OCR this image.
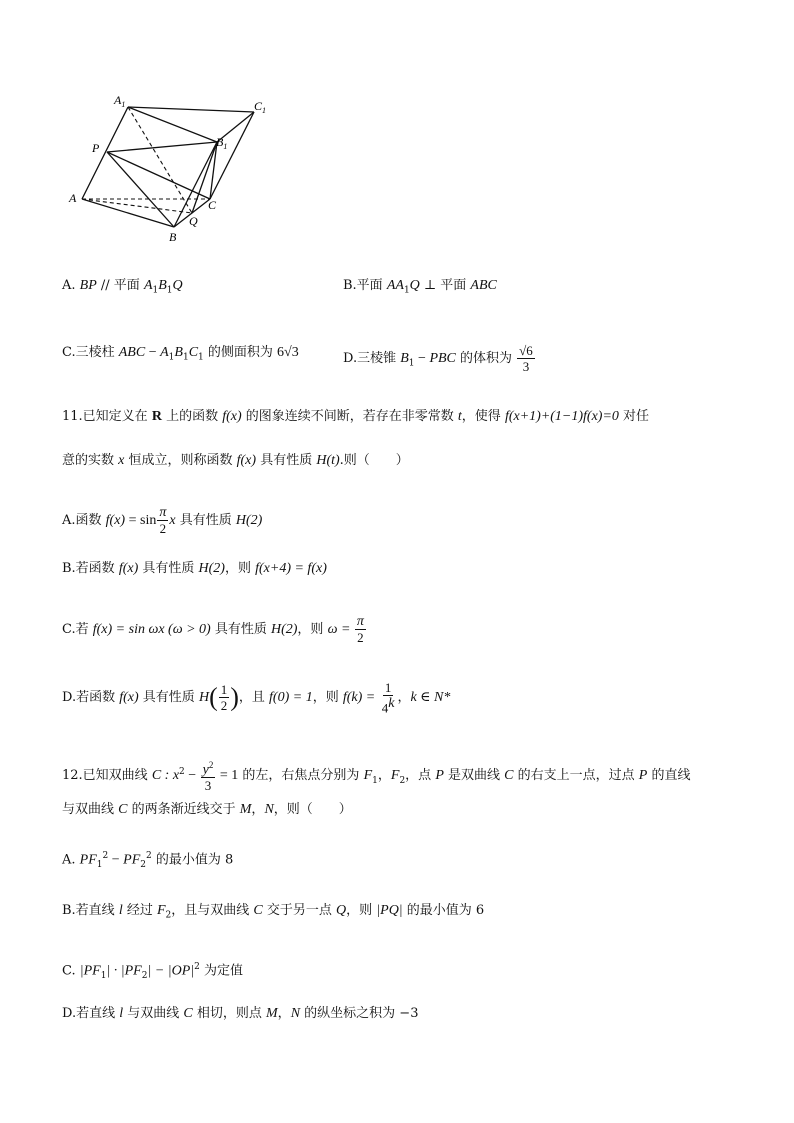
$A_1$	$C_1$
$B_1$
P
A	C
Q
B
A. BP // 平面 $A_1B_1Q$	B.平面 $AA_1Q$ ⊥ 平面 ABC
C.三棱柱 ABC − $A_1B_1C_1$ 的侧面积为 6√3	D.三棱锥 $B_1$ − PBC 的体积为 $\frac{√6}{3}$
11.已知定义在 R 上的函数 f(x) 的图象连续不间断，若存在非零常数 t，使得 f(x+1)+(1−1)f(x)=0 对任
意的实数 x 恒成立，则称函数 f(x) 具有性质 H(t).则（　　）
A.函数 $f(x) = \sin \frac{\pi}{2}$ x 具有性质 H(2)
B.若函数 f(x) 具有性质 H(2)，则 f(x+4) = f(x)
C.若 f(x) = sin ωx (ω > 0) 具有性质 H(2)，则 $\omega = \frac{\pi}{2}$
D.若函数 f(x) 具有性质 $H( \frac{1}{2}$ )，且 f(0) = 1，则 $f(k) = \frac{1}{4^k}$ ，k ∈ N*
12.已知双曲线 C : $x^2 - \frac{y^2}{3} = 1$ 的左，右焦点分别为 $F_1$，$F_2$，点 P 是双曲线 C 的右支上一点，过点 P 的直线
与双曲线 C 的两条渐近线交于 M，N，则（　　）
A. $PF_1^2 - PF_2^2$ 的最小值为 8
B.若直线 l 经过 $F_2$，且与双曲线 C 交于另一点 Q，则 |PQ| 的最小值为 6
C. $|PF_1| \cdot |PF_2| - |OP|^2$ 为定值
D.若直线 l 与双曲线 C 相切，则点 M，N 的纵坐标之积为 −3
